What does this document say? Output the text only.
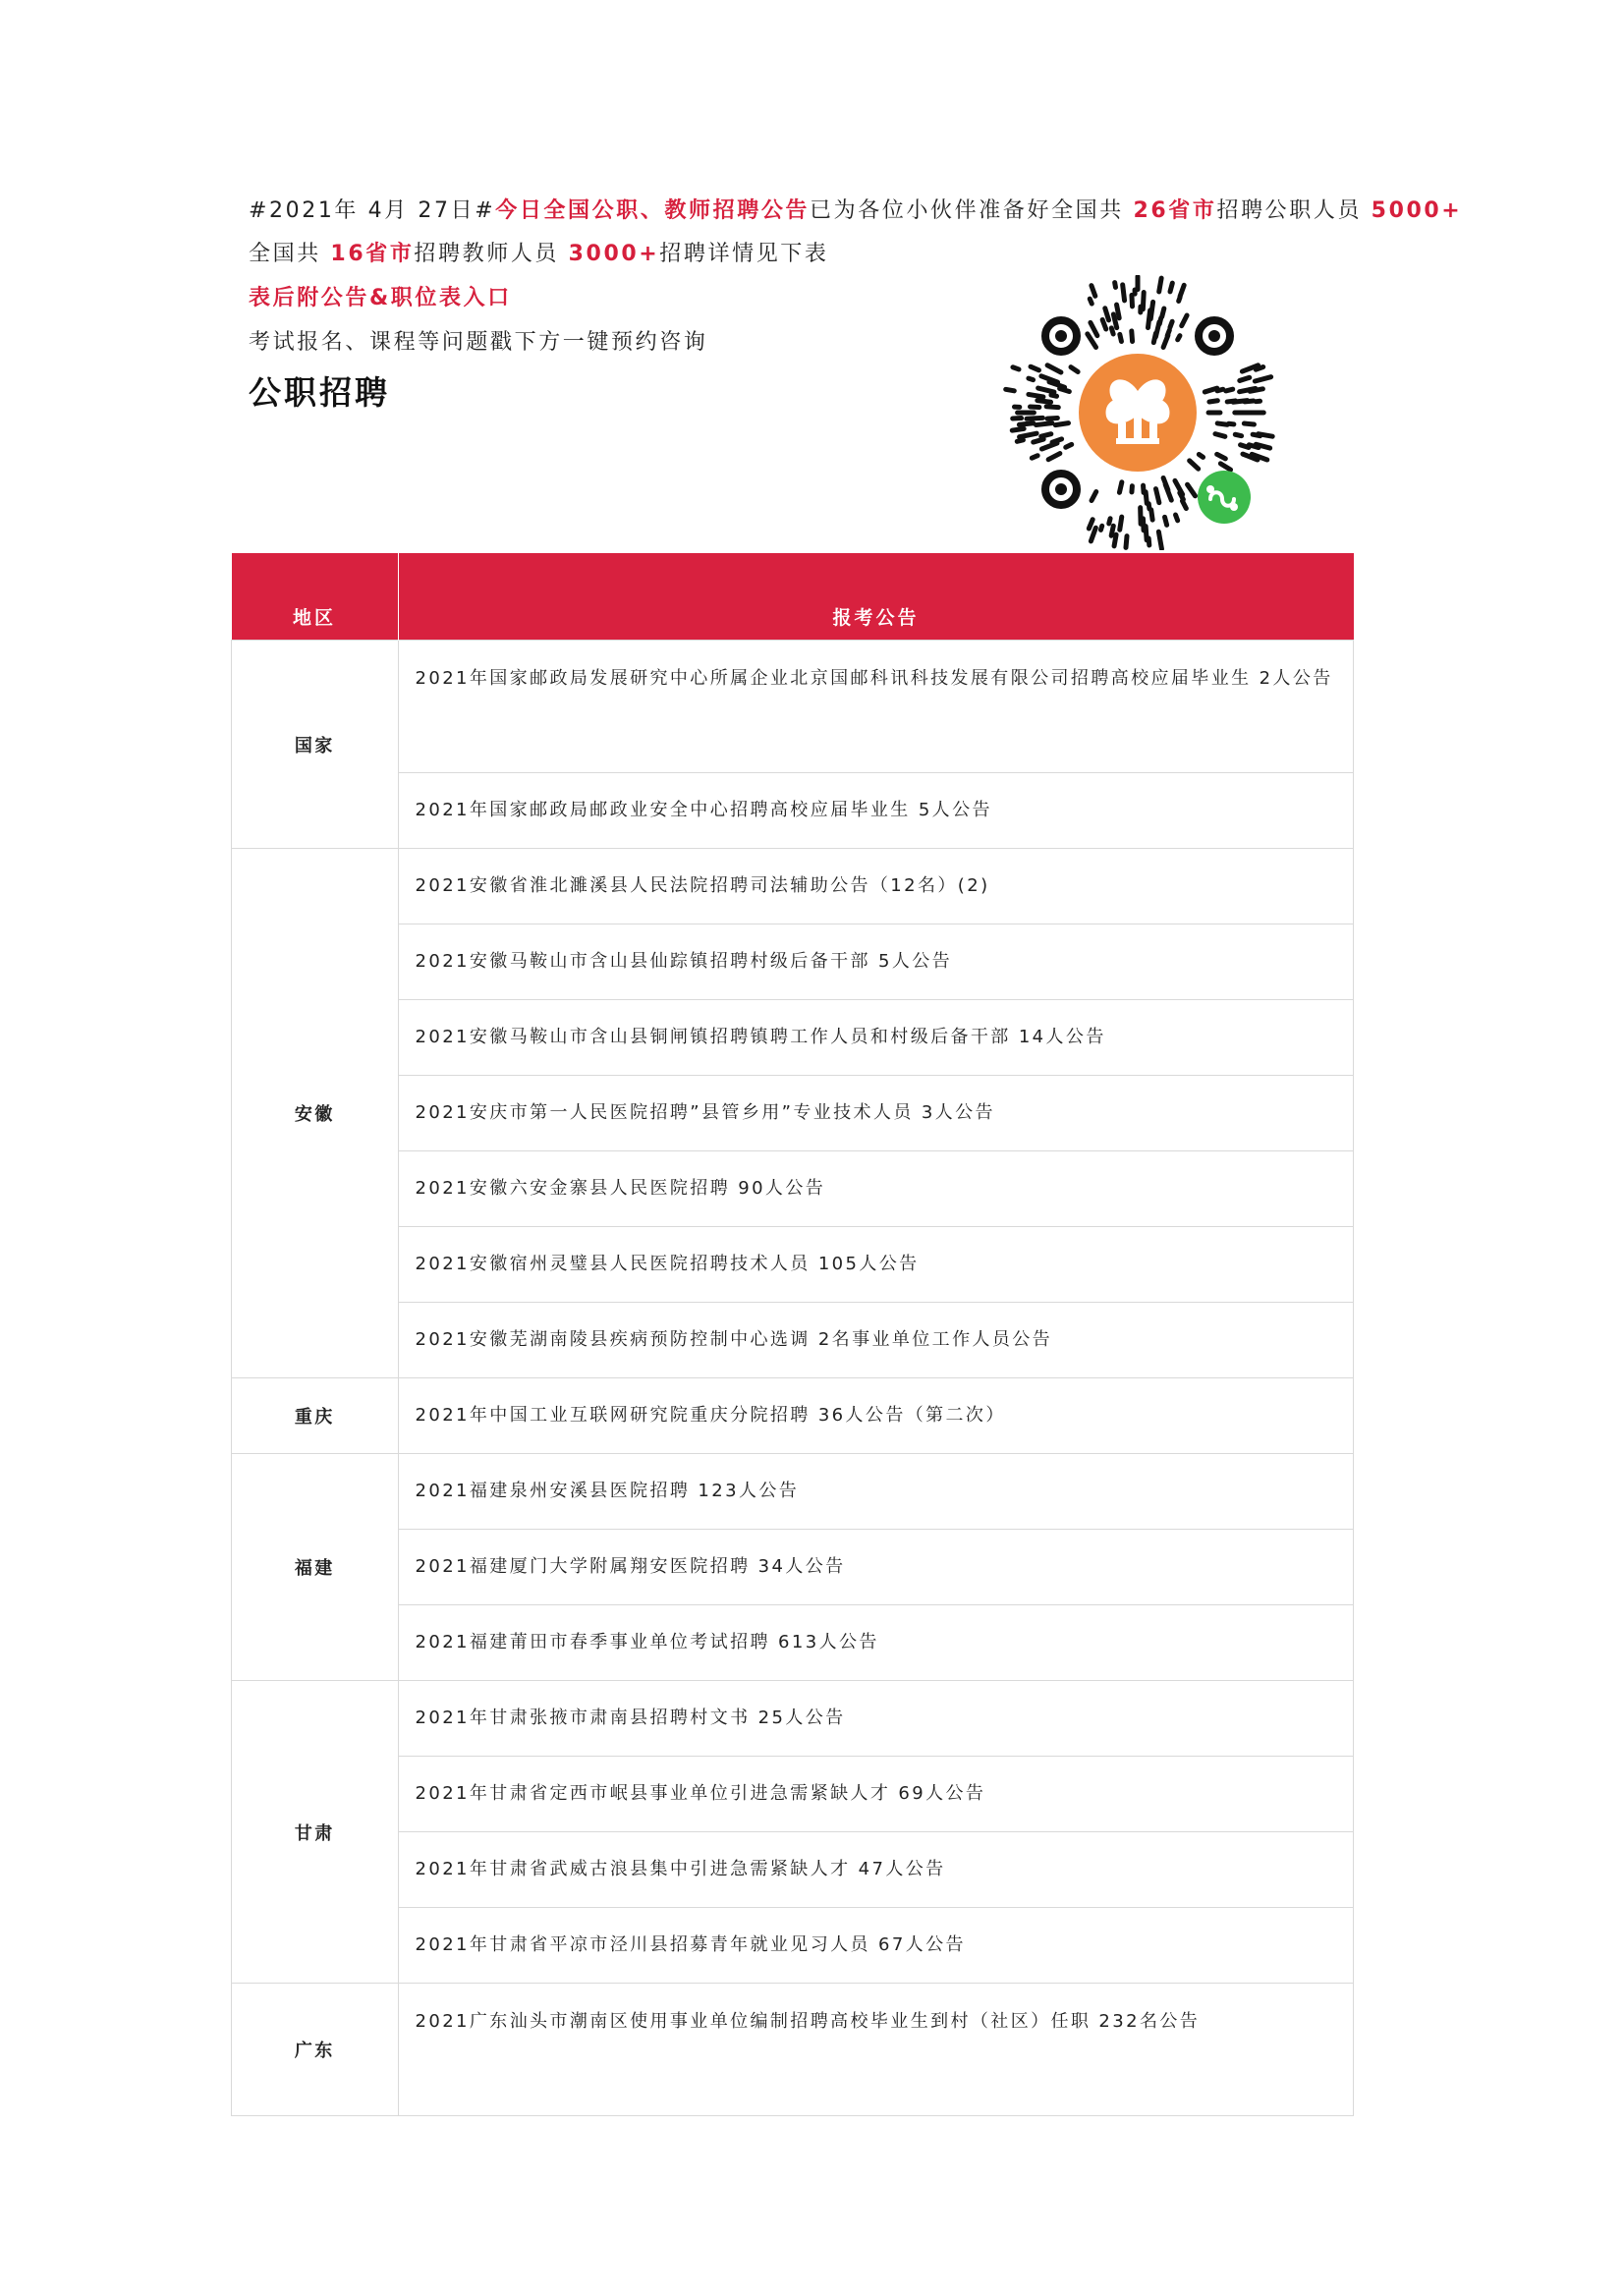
#2021年 4月 27日#今日全国公职、教师招聘公告已为各位小伙伴准备好全国共 26省市招聘公职人员 5000+

全国共 16省市招聘教师人员 3000+招聘详情见下表

表后附公告&职位表入口

考试报名、课程等问题戳下方一键预约咨询

公职招聘
地区	报考公告
国家	2021年国家邮政局发展研究中心所属企业北京国邮科讯科技发展有限公司招聘高校应届毕业生 2人公告

	2021年国家邮政局邮政业安全中心招聘高校应届毕业生 5人公告

安徽	2021安徽省淮北濉溪县人民法院招聘司法辅助公告（12名）(2)

	2021安徽马鞍山市含山县仙踪镇招聘村级后备干部 5人公告

	2021安徽马鞍山市含山县铜闸镇招聘镇聘工作人员和村级后备干部 14人公告

	2021安庆市第一人民医院招聘”县管乡用”专业技术人员 3人公告

	2021安徽六安金寨县人民医院招聘 90人公告

	2021安徽宿州灵璧县人民医院招聘技术人员 105人公告

	2021安徽芜湖南陵县疾病预防控制中心选调 2名事业单位工作人员公告

重庆	2021年中国工业互联网研究院重庆分院招聘 36人公告（第二次）

福建	2021福建泉州安溪县医院招聘 123人公告

	2021福建厦门大学附属翔安医院招聘 34人公告

	2021福建莆田市春季事业单位考试招聘 613人公告

甘肃	2021年甘肃张掖市肃南县招聘村文书 25人公告

	2021年甘肃省定西市岷县事业单位引进急需紧缺人才 69人公告

	2021年甘肃省武威古浪县集中引进急需紧缺人才 47人公告

	2021年甘肃省平凉市泾川县招募青年就业见习人员 67人公告

广东	2021广东汕头市潮南区使用事业单位编制招聘高校毕业生到村（社区）任职 232名公告
